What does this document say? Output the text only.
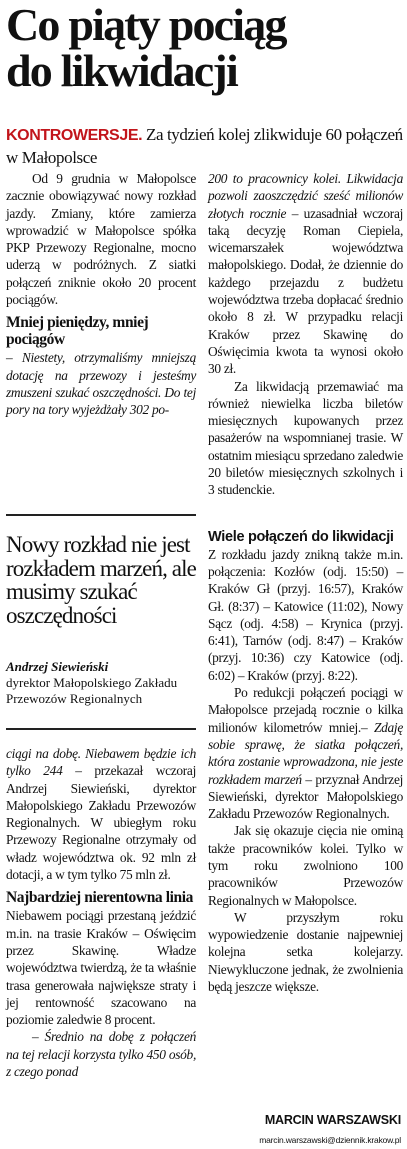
Co piąty pociąg
do likwidacji
KONTROWERSJE. Za tydzień kolej zlikwiduje 60 połączeń w Małopolsce

Od 9 grudnia w Małopolsce zacznie obowiązywać nowy rozkład jazdy. Zmiany, które zamierza wprowadzić w Małopolsce spółka PKP Przewozy Regionalne, mocno uderzą w podróżnych. Z siatki połączeń zniknie około 20 procent pociągów.

Mniej pieniędzy, mniej pociągów

– Niestety, otrzymaliśmy mniejszą dotację na przewozy i jesteśmy zmuszeni szukać oszczędności. Do tej pory na tory wyjeżdżały 302 po-

Nowy rozkład nie jest rozkładem marzeń, ale musimy szukać oszczędności
Andrzej Siewieński
dyrektor Małopolskiego Zakładu Przewozów Regionalnych

ciągi na dobę. Niebawem będzie ich tylko 244 – przekazał wczoraj Andrzej Siewieński, dyrektor Małopolskiego Zakładu Przewozów Regionalnych. W ubiegłym roku Przewozy Regionalne otrzymały od władz województwa ok. 92 mln zł dotacji, a w tym tylko 75 mln zł.

Najbardziej nierentowna linia

Niebawem pociągi przestaną jeździć m.in. na trasie Kraków – Oświęcim przez Skawinę. Władze województwa twierdzą, że ta właśnie trasa generowała największe straty i jej rentowność szacowano na poziomie zaledwie 8 procent.

– Średnio na dobę z połączeń na tej relacji korzysta tylko 450 osób, z czego ponad

200 to pracownicy kolei. Likwidacja pozwoli zaoszczędzić sześć milionów złotych rocznie – uzasadniał wczoraj taką decyzję Roman Ciepiela, wicemarszałek województwa małopolskiego. Dodał, że dziennie do każdego przejazdu z budżetu województwa trzeba dopłacać średnio około 8 zł. W przypadku relacji Kraków przez Skawinę do Oświęcimia kwota ta wynosi około 30 zł.

Za likwidacją przemawiać ma również niewielka liczba biletów miesięcznych kupowanych przez pasażerów na wspomnianej trasie. W ostatnim miesiącu sprzedano zaledwie 20 biletów miesięcznych szkolnych i 3 studenckie.

Wiele połączeń do likwidacji

Z rozkładu jazdy znikną także m.in. połączenia: Kozłów (odj. 15:50) – Kraków Gł (przyj. 16:57), Kraków Gł. (8:37) – Katowice (11:02), Nowy Sącz (odj. 4:58) – Krynica (przyj. 6:41), Tarnów (odj. 8:47) – Kraków (przyj. 10:36) czy Katowice (odj. 6:02) – Kraków (przyj. 8:22).

Po redukcji połączeń pociągi w Małopolsce przejadą rocznie o kilka milionów kilometrów mniej.– Zdaję sobie sprawę, że siatka połączeń, która zostanie wprowadzona, nie jeste rozkładem marzeń – przyznał Andrzej Siewieński, dyrektor Małopolskiego Zakładu Przewozów Regionalnych.

Jak się okazuje cięcia nie ominą także pracowników kolei. Tylko w tym roku zwolniono 100 pracowników Przewozów Regionalnych w Małopolsce.

W przyszłym roku wypowiedzenie dostanie najpewniej kolejna setka kolejarzy. Niewykluczone jednak, że zwolnienia będą jeszcze większe.

MARCIN WARSZAWSKI
marcin.warszawski@dziennik.krakow.pl
